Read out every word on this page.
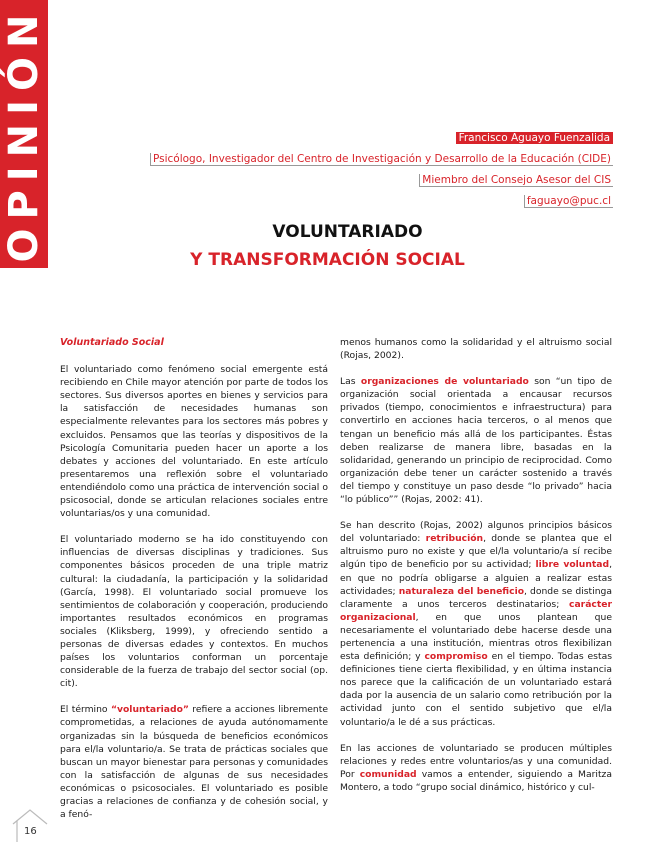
OPINIÓN	Francisco Aguayo Fuenzalida
Psicólogo, Investigador del Centro de Investigación y Desarrollo de la Educación (CIDE)
Miembro del Consejo Asesor del CIS
faguayo@puc.cl
VOLUNTARIADO
Y TRANSFORMACIÓN SOCIAL
Voluntariado Social

El voluntariado como fenómeno social emergente está recibiendo en Chile mayor atención por parte de todos los sectores. Sus diversos aportes en bienes y servicios para la satisfacción de necesidades humanas son especialmente relevantes para los sectores más pobres y excluidos. Pensamos que las teorías y dispositivos de la Psicología Comunitaria pueden hacer un aporte a los debates y acciones del voluntariado. En este artículo presentaremos una reflexión sobre el voluntariado entendiéndolo como una práctica de intervención social o psicosocial, donde se articulan relaciones sociales entre voluntarias/os y una comunidad.

El voluntariado moderno se ha ido constituyendo con influencias de diversas disciplinas y tradiciones. Sus componentes básicos proceden de una triple matriz cultural: la ciudadanía, la participación y la solidaridad (García, 1998). El voluntariado social promueve los sentimientos de colaboración y cooperación, produciendo importantes resultados económicos en programas sociales (Kliksberg, 1999), y ofreciendo sentido a personas de diversas edades y contextos. En muchos países los voluntarios conforman un porcentaje considerable de la fuerza de trabajo del sector social (op. cit).

El término “voluntariado” refiere a acciones libremente comprometidas, a relaciones de ayuda autónomamente organizadas sin la búsqueda de beneficios económicos para el/la voluntario/a. Se trata de prácticas sociales que buscan un mayor bienestar para personas y comunidades con la satisfacción de algunas de sus necesidades económicas o psicosociales. El voluntariado es posible gracias a relaciones de confianza y de cohesión social, y a fenó-

menos humanos como la solidaridad y el altruismo social (Rojas, 2002).

Las organizaciones de voluntariado son “un tipo de organización social orientada a encausar recursos privados (tiempo, conocimientos e infraestructura) para convertirlo en acciones hacia terceros, o al menos que tengan un beneficio más allá de los participantes. Éstas deben realizarse de manera libre, basadas en la solidaridad, generando un principio de reciprocidad. Como organización debe tener un carácter sostenido a través del tiempo y constituye un paso desde “lo privado” hacia “lo público”” (Rojas, 2002: 41).

Se han descrito (Rojas, 2002) algunos principios básicos del voluntariado: retribución, donde se plantea que el altruismo puro no existe y que el/la voluntario/a sí recibe algún tipo de beneficio por su actividad; libre voluntad, en que no podría obligarse a alguien a realizar estas actividades; naturaleza del beneficio, donde se distinga claramente a unos terceros destinatarios; carácter organizacional, en que unos plantean que necesariamente el voluntariado debe hacerse desde una pertenencia a una institución, mientras otros flexibilizan esta definición; y compromiso en el tiempo. Todas estas definiciones tiene cierta flexibilidad, y en última instancia nos parece que la calificación de un voluntariado estará dada por la ausencia de un salario como retribución por la actividad junto con el sentido subjetivo que el/la voluntario/a le dé a sus prácticas.

En las acciones de voluntariado se producen múltiples relaciones y redes entre voluntarios/as y una comunidad. Por comunidad vamos a entender, siguiendo a Maritza Montero, a todo “grupo social dinámico, histórico y cul-

16
